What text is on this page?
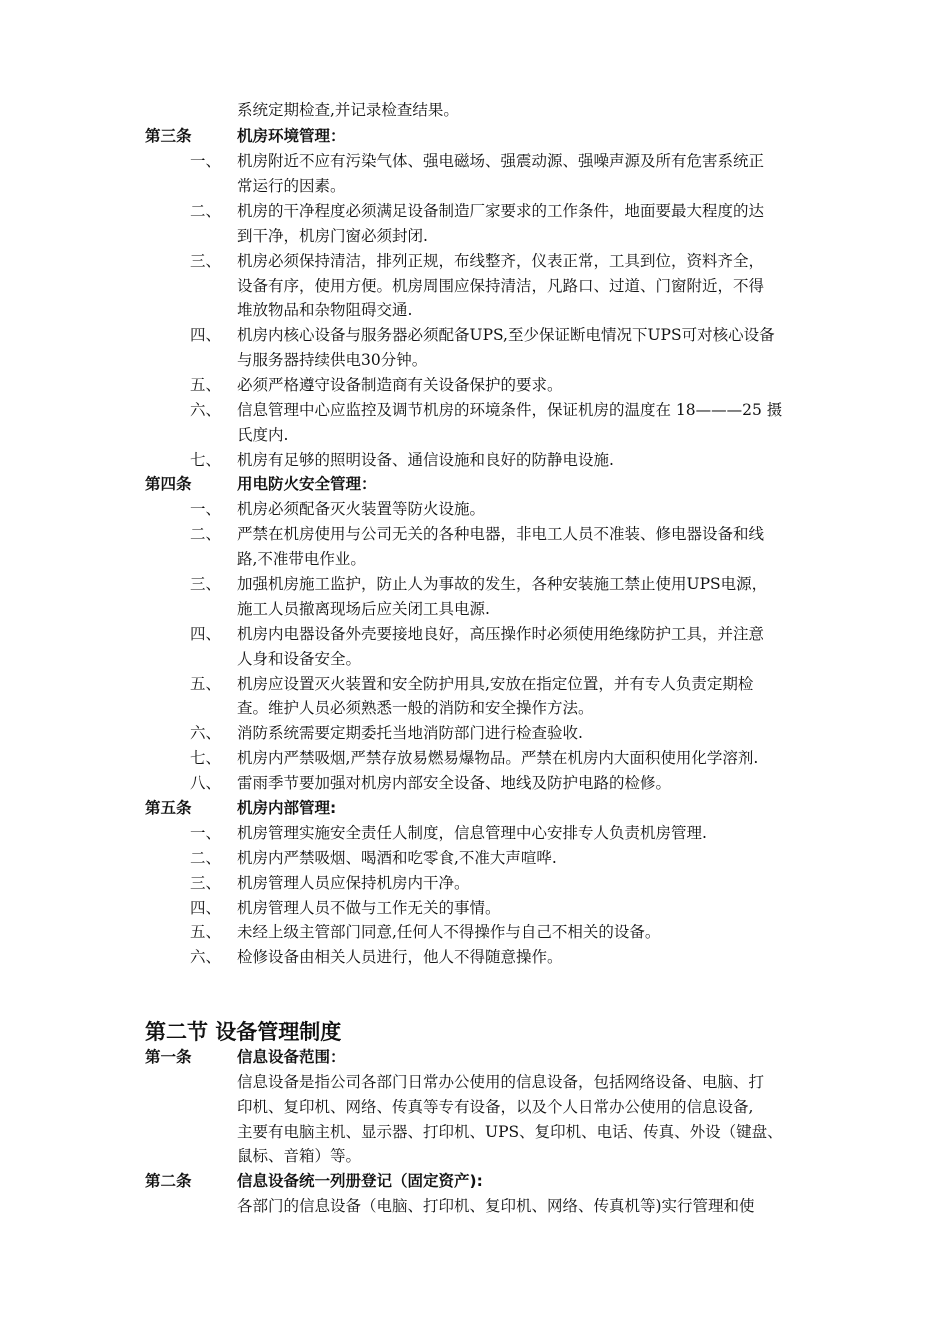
系统定期检查,并记录检查结果。
第三条	机房环境管理：
一、 机房附近不应有污染气体、强电磁场、强震动源、强噪声源及所有危害系统正
常运行的因素。
二、 机房的干净程度必须满足设备制造厂家要求的工作条件，地面要最大程度的达
到干净，机房门窗必须封闭.
三、 机房必须保持清洁，排列正规，布线整齐，仪表正常，工具到位，资料齐全，
设备有序，使用方便。机房周围应保持清洁，凡路口、过道、门窗附近，不得
堆放物品和杂物阻碍交通.
四、 机房内核心设备与服务器必须配备UPS,至少保证断电情况下UPS可对核心设备
与服务器持续供电30分钟。
五、 必须严格遵守设备制造商有关设备保护的要求。
六、 信息管理中心应监控及调节机房的环境条件，保证机房的温度在 18———25 摄
氏度内.
七、 机房有足够的照明设备、通信设施和良好的防静电设施.
第四条	用电防火安全管理：
一、 机房必须配备灭火装置等防火设施。
二、 严禁在机房使用与公司无关的各种电器，非电工人员不准装、修电器设备和线
路,不准带电作业。
三、 加强机房施工监护，防止人为事故的发生，各种安装施工禁止使用UPS电源，
施工人员撤离现场后应关闭工具电源.
四、 机房内电器设备外壳要接地良好，高压操作时必须使用绝缘防护工具，并注意
人身和设备安全。
五、 机房应设置灭火装置和安全防护用具,安放在指定位置，并有专人负责定期检
查。维护人员必须熟悉一般的消防和安全操作方法。
六、 消防系统需要定期委托当地消防部门进行检查验收.
七、 机房内严禁吸烟,严禁存放易燃易爆物品。严禁在机房内大面积使用化学溶剂.
八、 雷雨季节要加强对机房内部安全设备、地线及防护电路的检修。
第五条	机房内部管理:
一、 机房管理实施安全责任人制度，信息管理中心安排专人负责机房管理.
二、 机房内严禁吸烟、喝酒和吃零食,不准大声喧哗.
三、 机房管理人员应保持机房内干净。
四、 机房管理人员不做与工作无关的事情。
五、 未经上级主管部门同意,任何人不得操作与自己不相关的设备。
六、 检修设备由相关人员进行，他人不得随意操作。
第二节 设备管理制度
第一条	信息设备范围：
信息设备是指公司各部门日常办公使用的信息设备，包括网络设备、电脑、打
印机、复印机、网络、传真等专有设备，以及个人日常办公使用的信息设备,
主要有电脑主机、显示器、打印机、UPS、复印机、电话、传真、外设（键盘、
鼠标、音箱）等。
第二条	信息设备统一列册登记（固定资产):
各部门的信息设备（电脑、打印机、复印机、网络、传真机等)实行管理和使
